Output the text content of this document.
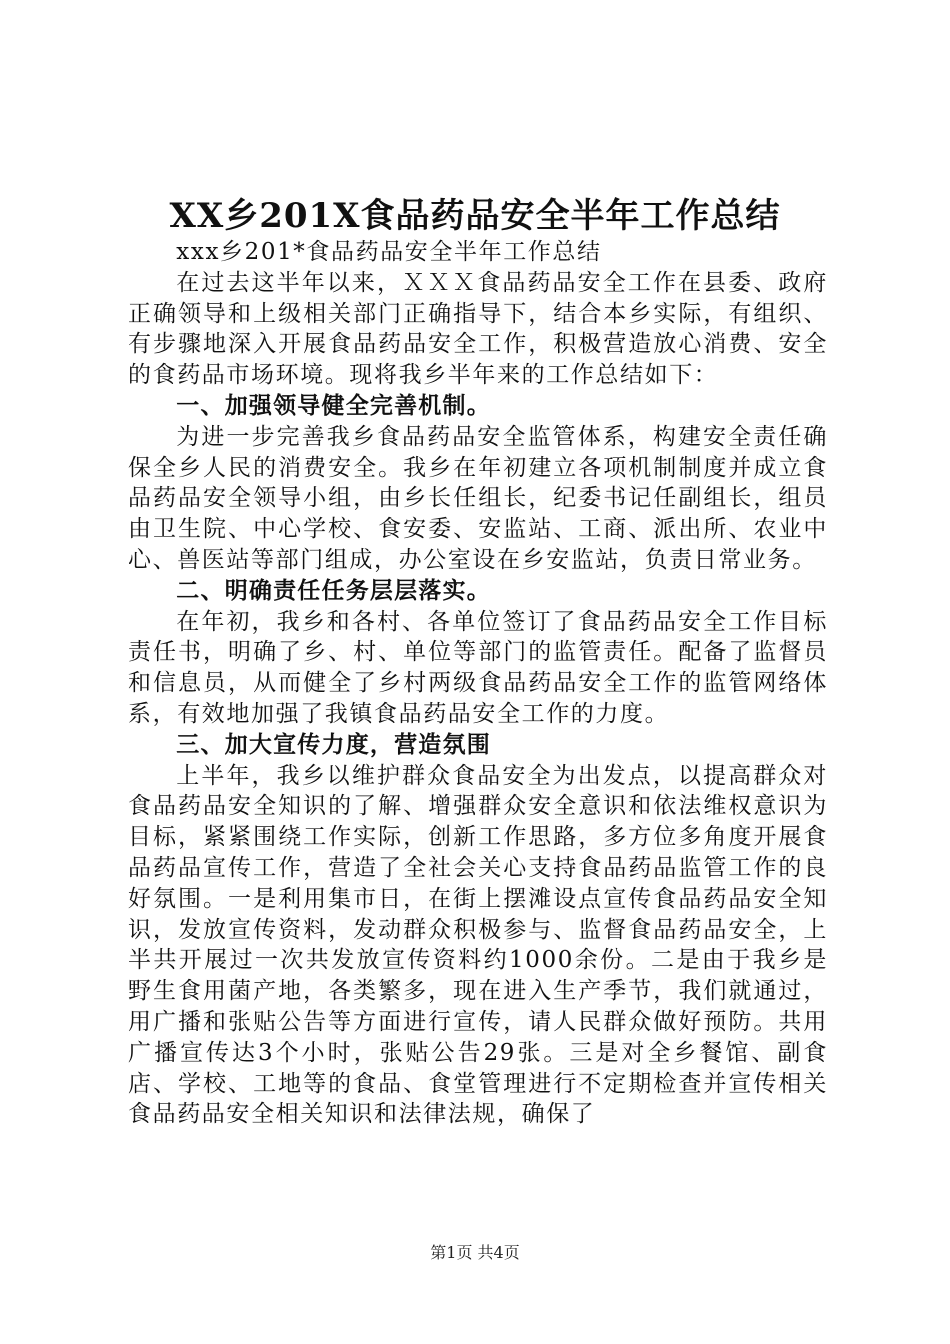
XX乡201X食品药品安全半年工作总结

xxx乡201*食品药品安全半年工作总结

在过去这半年以来，ＸＸＸ食品药品安全工作在县委、政府正确领导和上级相关部门正确指导下，结合本乡实际，有组织、有步骤地深入开展食品药品安全工作，积极营造放心消费、安全的食药品市场环境。现将我乡半年来的工作总结如下：

一、加强领导健全完善机制。

为进一步完善我乡食品药品安全监管体系，构建安全责任确保全乡人民的消费安全。我乡在年初建立各项机制制度并成立食品药品安全领导小组，由乡长任组长，纪委书记任副组长，组员由卫生院、中心学校、食安委、安监站、工商、派出所、农业中心、兽医站等部门组成，办公室设在乡安监站，负责日常业务。

二、明确责任任务层层落实。

在年初，我乡和各村、各单位签订了食品药品安全工作目标责任书，明确了乡、村、单位等部门的监管责任。配备了监督员和信息员，从而健全了乡村两级食品药品安全工作的监管网络体系，有效地加强了我镇食品药品安全工作的力度。

三、加大宣传力度，营造氛围

上半年，我乡以维护群众食品安全为出发点，以提高群众对食品药品安全知识的了解、增强群众安全意识和依法维权意识为目标，紧紧围绕工作实际，创新工作思路，多方位多角度开展食品药品宣传工作，营造了全社会关心支持食品药品监管工作的良好氛围。一是利用集市日，在街上摆滩设点宣传食品药品安全知识，发放宣传资料，发动群众积极参与、监督食品药品安全，上半共开展过一次共发放宣传资料约1000余份。二是由于我乡是野生食用菌产地，各类繁多，现在进入生产季节，我们就通过，用广播和张贴公告等方面进行宣传，请人民群众做好预防。共用广播宣传达3个小时，张贴公告29张。三是对全乡餐馆、副食店、学校、工地等的食品、食堂管理进行不定期检查并宣传相关食品药品安全相关知识和法律法规，确保了

第1页 共4页
